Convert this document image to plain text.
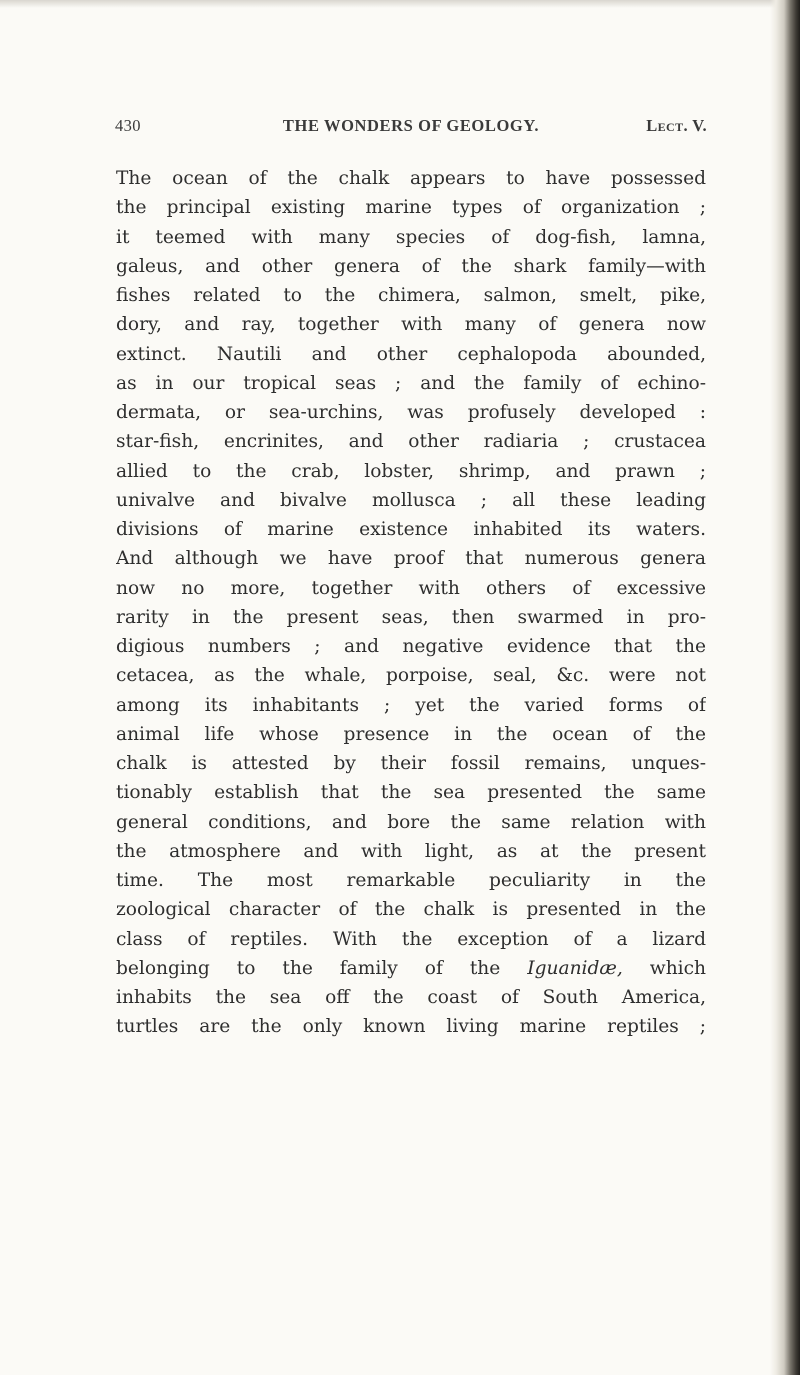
430	THE WONDERS OF GEOLOGY.	Lect. V.
The ocean of the chalk appears to have possessed
the principal existing marine types of organization ;
it teemed with many species of dog-fish, lamna,
galeus, and other genera of the shark family—with
fishes related to the chimera, salmon, smelt, pike,
dory, and ray, together with many of genera now
extinct. Nautili and other cephalopoda abounded,
as in our tropical seas ; and the family of echino-
dermata, or sea-urchins, was profusely developed :
star-fish, encrinites, and other radiaria ; crustacea
allied to the crab, lobster, shrimp, and prawn ;
univalve and bivalve mollusca ; all these leading
divisions of marine existence inhabited its waters.
And although we have proof that numerous genera
now no more, together with others of excessive
rarity in the present seas, then swarmed in pro-
digious numbers ; and negative evidence that the
cetacea, as the whale, porpoise, seal, &c. were not
among its inhabitants ; yet the varied forms of
animal life whose presence in the ocean of the
chalk is attested by their fossil remains, unques-
tionably establish that the sea presented the same
general conditions, and bore the same relation with
the atmosphere and with light, as at the present
time. The most remarkable peculiarity in the
zoological character of the chalk is presented in the
class of reptiles. With the exception of a lizard
belonging to the family of the Iguanidæ, which
inhabits the sea off the coast of South America,
turtles are the only known living marine reptiles ;
